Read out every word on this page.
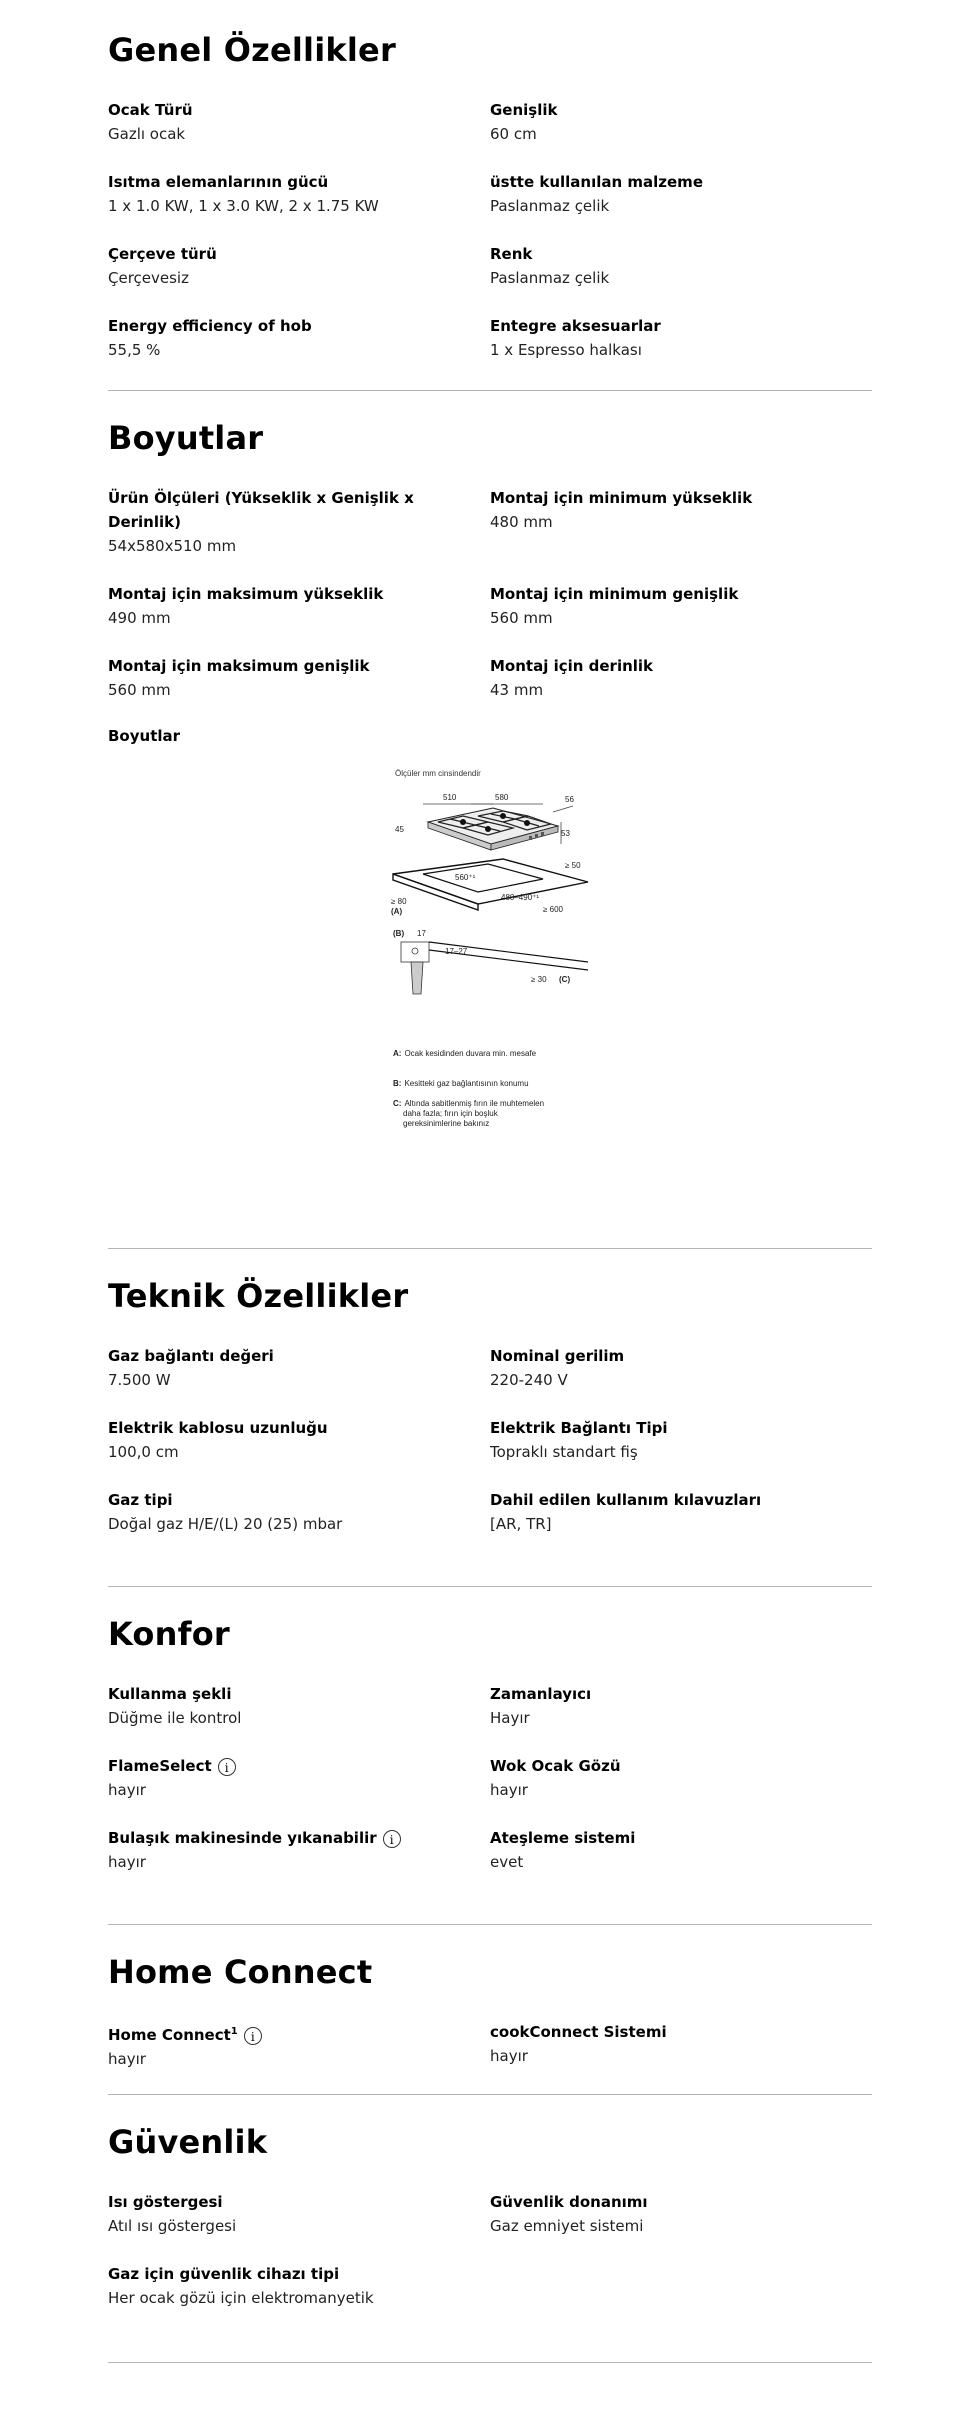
Genel Özellikler
Ocak Türü
Gazlı ocak
Genişlik
60 cm
Isıtma elemanlarının gücü
1 x 1.0 KW, 1 x 3.0 KW, 2 x 1.75 KW
üstte kullanılan malzeme
Paslanmaz çelik
Çerçeve türü
Çerçevesiz
Renk
Paslanmaz çelik
Energy efficiency of hob
55,5 %
Entegre aksesuarlar
1 x Espresso halkası
Boyutlar
Ürün Ölçüleri (Yükseklik x Genişlik x Derinlik)
54x580x510 mm
Montaj için minimum yükseklik
480 mm
Montaj için maksimum yükseklik
490 mm
Montaj için minimum genişlik
560 mm
Montaj için maksimum genişlik
560 mm
Montaj için derinlik
43 mm
Boyutlar
Ölçüler mm cinsindendir
510	580	56
45	53
560⁺¹
≥ 50
480–490⁺¹
≥ 600
≥ 80
(A)
(B) 17
17–27
≥ 30 (C)
A: Ocak kesidinden duvara min. mesafe
B: Kesitteki gaz bağlantısının konumu
C: Altında sabitlenmiş fırın ile muhtemelen
daha fazla; fırın için boşluk
gereksinimlerine bakınız
Teknik Özellikler
Gaz bağlantı değeri
7.500 W
Nominal gerilim
220-240 V
Elektrik kablosu uzunluğu
100,0 cm
Elektrik Bağlantı Tipi
Topraklı standart fiş
Gaz tipi
Doğal gaz H/E/(L) 20 (25) mbar
Dahil edilen kullanım kılavuzları
[AR, TR]
Konfor
Kullanma şekli
Düğme ile kontrol
Zamanlayıcı
Hayır
FlameSelect i
hayır
Wok Ocak Gözü
hayır
Bulaşık makinesinde yıkanabilir i
hayır
Ateşleme sistemi
evet
Home Connect
Home Connect$^1$ i
hayır
cookConnect Sistemi
hayır
Güvenlik
Isı göstergesi
Atıl ısı göstergesi
Güvenlik donanımı
Gaz emniyet sistemi
Gaz için güvenlik cihazı tipi
Her ocak gözü için elektromanyetik
